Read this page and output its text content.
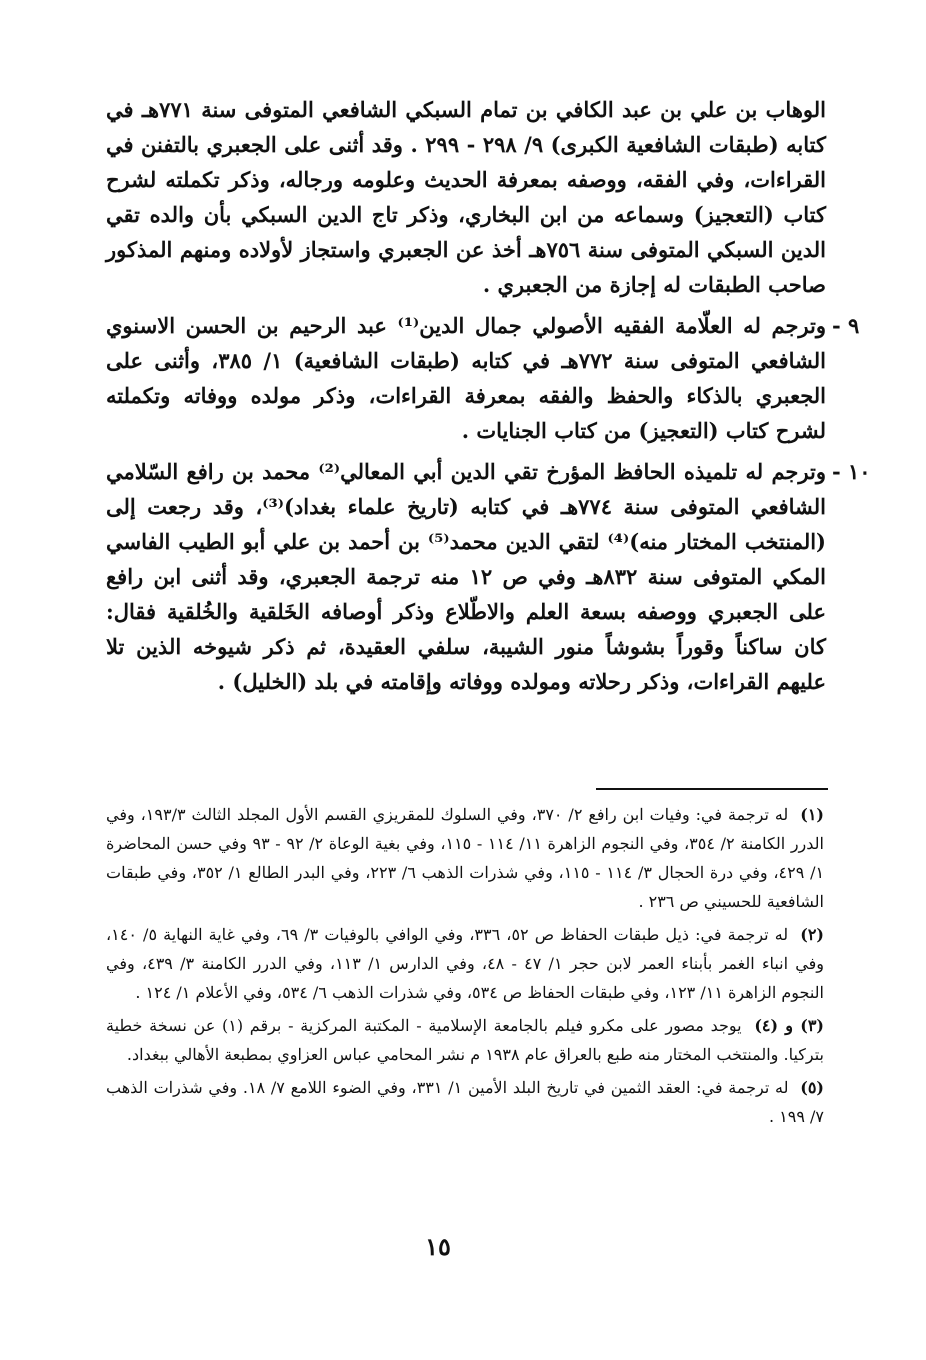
الوهاب بن علي بن عبد الكافي بن تمام السبكي الشافعي المتوفى سنة ٧٧١هـ في كتابه (طبقات الشافعية الكبرى) ٩/ ٢٩٨ - ٢٩٩ . وقد أثنى على الجعبري بالتفنن في القراءات، وفي الفقه، ووصفه بمعرفة الحديث وعلومه ورجاله، وذكر تكملته لشرح كتاب (التعجيز) وسماعه من ابن البخاري، وذكر تاج الدين السبكي بأن والده تقي الدين السبكي المتوفى سنة ٧٥٦هـ أخذ عن الجعبري واستجاز لأولاده ومنهم المذكور صاحب الطبقات له إجازة من الجعبري .

٩ -
وترجم له العلّامة الفقيه الأصولي جمال الدين⁽¹⁾ عبد الرحيم بن الحسن الاسنوي الشافعي المتوفى سنة ٧٧٢هـ في كتابه (طبقات الشافعية) ١/ ٣٨٥، وأثنى على الجعبري بالذكاء والحفظ والفقه بمعرفة القراءات، وذكر مولده ووفاته وتكملته لشرح كتاب (التعجيز) من كتاب الجنايات .

١٠ -
وترجم له تلميذه الحافظ المؤرخ تقي الدين أبي المعالي⁽²⁾ محمد بن رافع السّلامي الشافعي المتوفى سنة ٧٧٤هـ في كتابه (تاريخ علماء بغداد)⁽³⁾، وقد رجعت إلى (المنتخب المختار منه)⁽⁴⁾ لتقي الدين محمد⁽⁵⁾ بن أحمد بن علي أبو الطيب الفاسي المكي المتوفى سنة ٨٣٢هـ وفي ص ١٢ منه ترجمة الجعبري، وقد أثنى ابن رافع على الجعبري ووصفه بسعة العلم والاطّلاع وذكر أوصافه الخَلقية والخُلقية فقال: كان ساكناً وقوراً بشوشاً منور الشيبة، سلفي العقيدة، ثم ذكر شيوخه الذين تلا عليهم القراءات، وذكر رحلاته ومولده ووفاته وإقامته في بلد (الخليل) .

(١) له ترجمة في: وفيات ابن رافع ٢/ ٣٧٠، وفي السلوك للمقريزي القسم الأول المجلد الثالث ١٩٣/٣، وفي الدرر الكامنة ٢/ ٣٥٤، وفي النجوم الزاهرة ١١/ ١١٤ - ١١٥، وفي بغية الوعاة ٢/ ٩٢ - ٩٣ وفي حسن المحاضرة ١/ ٤٢٩، وفي درة الحجال ٣/ ١١٤ - ١١٥، وفي شذرات الذهب ٦/ ٢٢٣، وفي البدر الطالع ١/ ٣٥٢، وفي طبقات الشافعية للحسيني ص ٢٣٦ .

(٢) له ترجمة في: ذيل طبقات الحفاظ ص ٥٢، ٣٣٦، وفي الوافي بالوفيات ٣/ ٦٩، وفي غاية النهاية ٥/ ١٤٠، وفي انباء الغمر بأبناء العمر لابن حجر ١/ ٤٧ - ٤٨، وفي الدارس ١/ ١١٣، وفي الدرر الكامنة ٣/ ٤٣٩، وفي النجوم الزاهرة ١١/ ١٢٣، وفي طبقات الحفاظ ص ٥٣٤، وفي شذرات الذهب ٦/ ٥٣٤، وفي الأعلام ١/ ١٢٤ .

(٣) و (٤) يوجد مصور على مكرو فيلم بالجامعة الإسلامية - المكتبة المركزية - برقم (١) عن نسخة خطية بتركيا. والمنتخب المختار منه طبع بالعراق عام ١٩٣٨ م نشر المحامي عباس العزاوي بمطبعة الأهالي ببغداد.

(٥) له ترجمة في: العقد الثمين في تاريخ البلد الأمين ١/ ٣٣١، وفي الضوء اللامع ٧/ ١٨. وفي شذرات الذهب ٧/ ١٩٩ .

١٥
